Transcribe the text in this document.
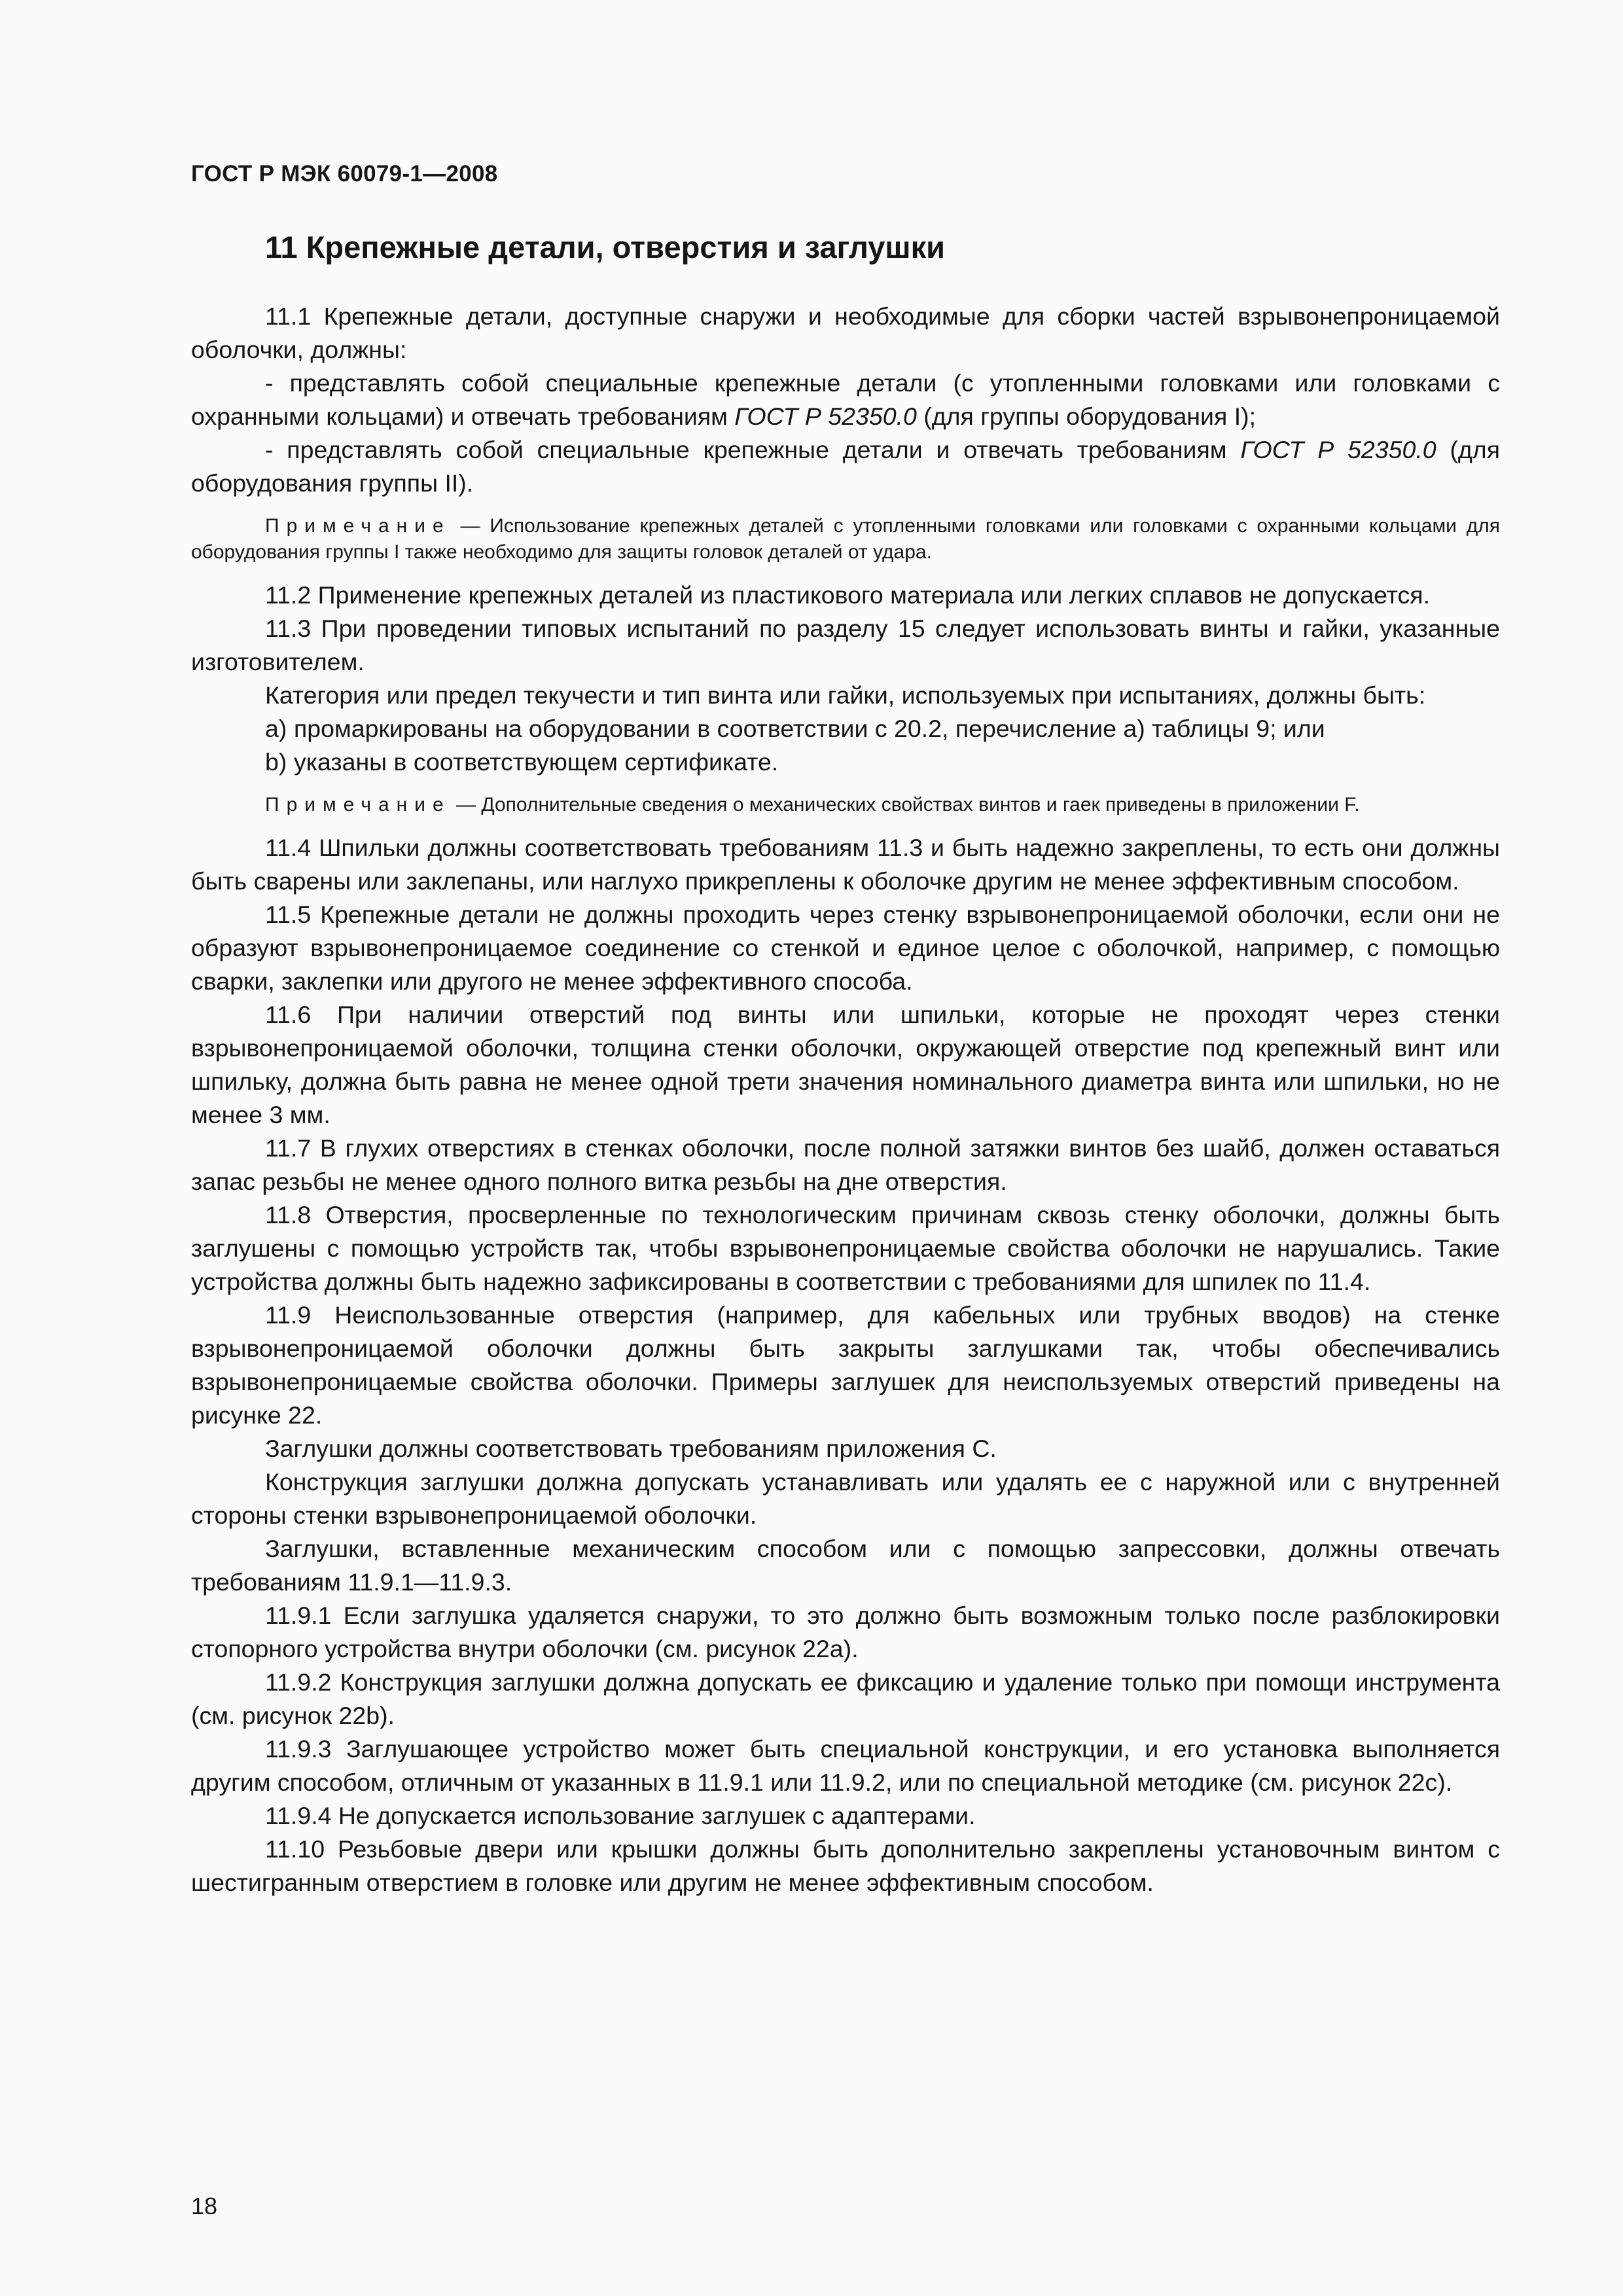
ГОСТ Р МЭК 60079-1—2008
11 Крепежные детали, отверстия и заглушки

11.1 Крепежные детали, доступные снаружи и необходимые для сборки частей взрывонепроницаемой оболочки, должны:

- представлять собой специальные крепежные детали (с утопленными головками или головками с охранными кольцами) и отвечать требованиям ГОСТ Р 52350.0 (для группы оборудования I);

- представлять собой специальные крепежные детали и отвечать требованиям ГОСТ Р 52350.0 (для оборудования группы II).

Примечание — Использование крепежных деталей с утопленными головками или головками с охранными кольцами для оборудования группы I также необходимо для защиты головок деталей от удара.

11.2 Применение крепежных деталей из пластикового материала или легких сплавов не допускается.

11.3 При проведении типовых испытаний по разделу 15 следует использовать винты и гайки, указанные изготовителем.

Категория или предел текучести и тип винта или гайки, используемых при испытаниях, должны быть:

a) промаркированы на оборудовании в соответствии с 20.2, перечисление a) таблицы 9; или

b) указаны в соответствующем сертификате.

Примечание — Дополнительные сведения о механических свойствах винтов и гаек приведены в приложении F.

11.4 Шпильки должны соответствовать требованиям 11.3 и быть надежно закреплены, то есть они должны быть сварены или заклепаны, или наглухо прикреплены к оболочке другим не менее эффективным способом.

11.5 Крепежные детали не должны проходить через стенку взрывонепроницаемой оболочки, если они не образуют взрывонепроницаемое соединение со стенкой и единое целое с оболочкой, например, с помощью сварки, заклепки или другого не менее эффективного способа.

11.6 При наличии отверстий под винты или шпильки, которые не проходят через стенки взрывонепроницаемой оболочки, толщина стенки оболочки, окружающей отверстие под крепежный винт или шпильку, должна быть равна не менее одной трети значения номинального диаметра винта или шпильки, но не менее 3 мм.

11.7 В глухих отверстиях в стенках оболочки, после полной затяжки винтов без шайб, должен оставаться запас резьбы не менее одного полного витка резьбы на дне отверстия.

11.8 Отверстия, просверленные по технологическим причинам сквозь стенку оболочки, должны быть заглушены с помощью устройств так, чтобы взрывонепроницаемые свойства оболочки не нарушались. Такие устройства должны быть надежно зафиксированы в соответствии с требованиями для шпилек по 11.4.

11.9 Неиспользованные отверстия (например, для кабельных или трубных вводов) на стенке взрывонепроницаемой оболочки должны быть закрыты заглушками так, чтобы обеспечивались взрывонепроницаемые свойства оболочки. Примеры заглушек для неиспользуемых отверстий приведены на рисунке 22.

Заглушки должны соответствовать требованиям приложения C.

Конструкция заглушки должна допускать устанавливать или удалять ее с наружной или с внутренней стороны стенки взрывонепроницаемой оболочки.

Заглушки, вставленные механическим способом или с помощью запрессовки, должны отвечать требованиям 11.9.1—11.9.3.

11.9.1 Если заглушка удаляется снаружи, то это должно быть возможным только после разблокировки стопорного устройства внутри оболочки (см. рисунок 22a).

11.9.2 Конструкция заглушки должна допускать ее фиксацию и удаление только при помощи инструмента (см. рисунок 22b).

11.9.3 Заглушающее устройство может быть специальной конструкции, и его установка выполняется другим способом, отличным от указанных в 11.9.1 или 11.9.2, или по специальной методике (см. рисунок 22c).

11.9.4 Не допускается использование заглушек с адаптерами.

11.10 Резьбовые двери или крышки должны быть дополнительно закреплены установочным винтом с шестигранным отверстием в головке или другим не менее эффективным способом.

18
